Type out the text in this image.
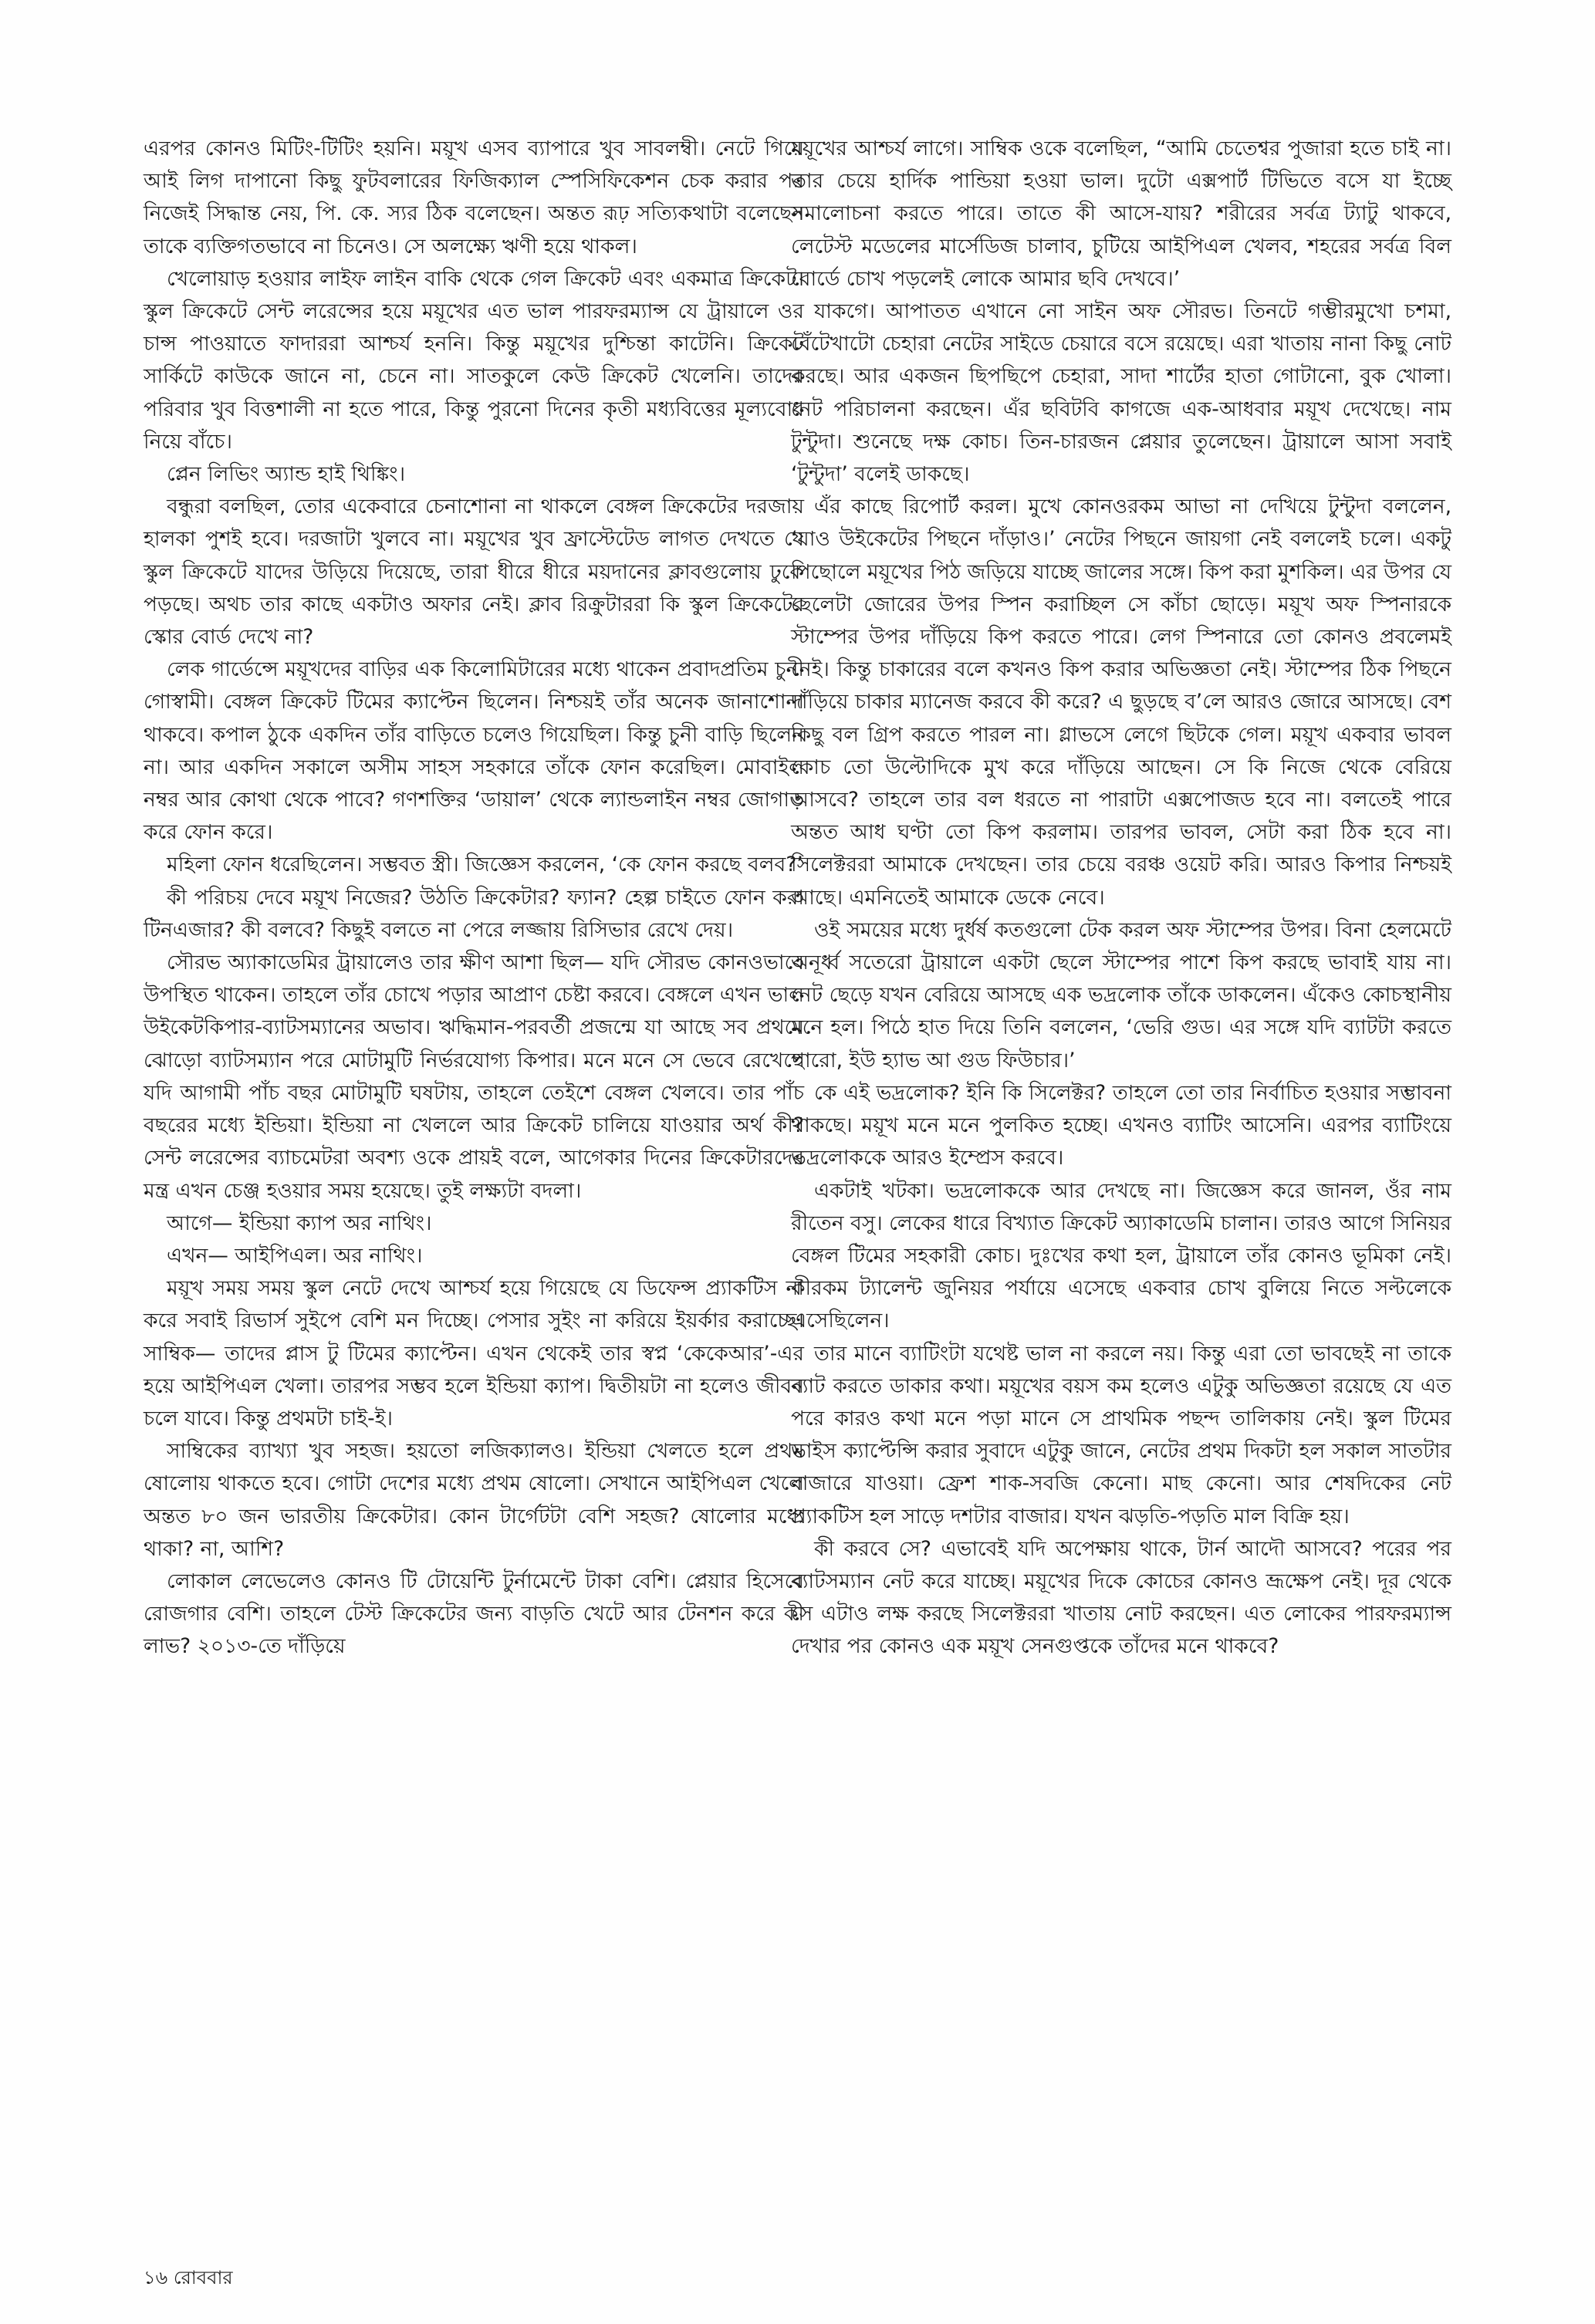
এরপর কোনও মিটিং-টিটিং হয়নি। ময়ূখ এসব ব্যাপারে খুব সাবলম্বী। নেটে গিয়ে আই লিগ দাপানো কিছু ফুটবলারের ফিজিক্যাল স্পেসিফিকেশন চেক করার পর নিজেই সিদ্ধান্ত নেয়, পি. কে. স্যর ঠিক বলেছেন। অন্তত রূঢ় সত্যিকথাটা বলেছেন তাকে ব্যক্তিগতভাবে না চিনেও। সে অলক্ষ্যে ঋণী হয়ে থাকল।

খেলোয়াড় হওয়ার লাইফ লাইন বাকি থেকে গেল ক্রিকেট এবং একমাত্র ক্রিকেট। স্কুল ক্রিকেটে সেন্ট লরেন্সের হয়ে ময়ূখের এত ভাল পারফরম্যান্স যে ট্রায়ালে ওর চান্স পাওয়াতে ফাদাররা আশ্চর্য হননি। কিন্তু ময়ূখের দুশ্চিন্তা কাটেনি। ক্রিকেট সার্কিটে কাউকে জানে না, চেনে না। সাতকুলে কেউ ক্রিকেট খেলেনি। তাদের পরিবার খুব বিত্তশালী না হতে পারে, কিন্তু পুরনো দিনের কৃতী মধ্যবিত্তের মূল্যবোধ নিয়ে বাঁচে।

প্লেন লিভিং অ্যান্ড হাই থিঙ্কিং।

বন্ধুরা বলছিল, তোর একেবারে চেনাশোনা না থাকলে বেঙ্গল ক্রিকেটের দরজায় হালকা পুশই হবে। দরজাটা খুলবে না। ময়ূখের খুব ফ্রাস্টেটেড লাগত দেখতে যে স্কুল ক্রিকেটে যাদের উড়িয়ে দিয়েছে, তারা ধীরে ধীরে ময়দানের ক্লাবগুলোয় ঢুকে পড়ছে। অথচ তার কাছে একটাও অফার নেই। ক্লাব রিক্রুটাররা কি স্কুল ক্রিকেটের স্কোর বোর্ড দেখে না?

লেক গার্ডেন্সে ময়ূখদের বাড়ির এক কিলোমিটারের মধ্যে থাকেন প্রবাদপ্রতিম চুনী গোস্বামী। বেঙ্গল ক্রিকেট টিমের ক্যাপ্টেন ছিলেন। নিশ্চয়ই তাঁর অনেক জানাশোনা থাকবে। কপাল ঠুকে একদিন তাঁর বাড়িতে চলেও গিয়েছিল। কিন্তু চুনী বাড়ি ছিলেন না। আর একদিন সকালে অসীম সাহস সহকারে তাঁকে ফোন করেছিল। মোবাইল নম্বর আর কোথা থেকে পাবে? গণশক্তির ‘ডায়াল’ থেকে ল্যান্ডলাইন নম্বর জোগাড় করে ফোন করে।

মহিলা ফোন ধরেছিলেন। সম্ভবত স্ত্রী। জিজ্ঞেস করলেন, ‘কে ফোন করছে বলব?’

কী পরিচয় দেবে ময়ূখ নিজের? উঠতি ক্রিকেটার? ফ্যান? হেল্প চাইতে ফোন করা টিনএজার? কী বলবে? কিছুই বলতে না পেরে লজ্জায় রিসিভার রেখে দেয়।

সৌরভ অ্যাকাডেমির ট্রায়ালেও তার ক্ষীণ আশা ছিল— যদি সৌরভ কোনওভাবে উপস্থিত থাকেন। তাহলে তাঁর চোখে পড়ার আপ্রাণ চেষ্টা করবে। বেঙ্গলে এখন ভাল উইকেটকিপার-ব্যাটসম্যানের অভাব। ঋদ্ধিমান-পরবর্তী প্রজন্মে যা আছে সব প্রথমে ঝোড়ো ব্যাটসম্যান পরে মোটামুটি নির্ভরযোগ্য কিপার। মনে মনে সে ভেবে রেখেছে যদি আগামী পাঁচ বছর মোটামুটি ঘষটায়, তাহলে তেইশে বেঙ্গল খেলবে। তার পাঁচ বছরের মধ্যে ইন্ডিয়া। ইন্ডিয়া না খেললে আর ক্রিকেট চালিয়ে যাওয়ার অর্থ কী? সেন্ট লরেন্সের ব্যাচমেটরা অবশ্য ওকে প্রায়ই বলে, আগেকার দিনের ক্রিকেটারদের মন্ত্র এখন চেঞ্জ হওয়ার সময় হয়েছে। তুই লক্ষ্যটা বদলা।

আগে— ইন্ডিয়া ক্যাপ অর নাথিং।

এখন— আইপিএল। অর নাথিং।

ময়ূখ সময় সময় স্কুল নেটে দেখে আশ্চর্য হয়ে গিয়েছে যে ডিফেন্স প্র্যাকটিস না করে সবাই রিভার্স সুইপে বেশি মন দিচ্ছে। পেসার সুইং না করিয়ে ইয়র্কার করাচ্ছে। সাম্বিক— তাদের প্লাস টু টিমের ক্যাপ্টেন। এখন থেকেই তার স্বপ্ন ‘কেকেআর’-এর হয়ে আইপিএল খেলা। তারপর সম্ভব হলে ইন্ডিয়া ক্যাপ। দ্বিতীয়টা না হলেও জীবন চলে যাবে। কিন্তু প্রথমটা চাই-ই।

সাম্বিকের ব্যাখ্যা খুব সহজ। হয়তো লজিক্যালও। ইন্ডিয়া খেলতে হলে প্রথম ষোলোয় থাকতে হবে। গোটা দেশের মধ্যে প্রথম ষোলো। সেখানে আইপিএল খেলে অন্তত ৮০ জন ভারতীয় ক্রিকেটার। কোন টার্গেটটা বেশি সহজ? ষোলোর মধ্যে থাকা? না, আশি?

লোকাল লেভেলেও কোনও টি টোয়েন্টি টুর্নামেন্টে টাকা বেশি। প্লেয়ার হিসেবে রোজগার বেশি। তাহলে টেস্ট ক্রিকেটের জন্য বাড়তি খেটে আর টেনশন করে কী লাভ? ২০১৩-তে দাঁড়িয়ে

ময়ূখের আশ্চর্য লাগে। সাম্বিক ওকে বলেছিল, “আমি চেতেশ্বর পুজারা হতে চাই না। তার চেয়ে হার্দিক পান্ডিয়া হওয়া ভাল। দুটো এক্সপার্ট টিভিতে বসে যা ইচ্ছে সমালোচনা করতে পারে। তাতে কী আসে-যায়? শরীরের সর্বত্র ট্যাটু থাকবে, লেটেস্ট মডেলের মার্সেডিজ চালাব, চুটিয়ে আইপিএল খেলব, শহরের সর্বত্র বিল বোর্ডে চোখ পড়লেই লোকে আমার ছবি দেখবে।’

যাকগে। আপাতত এখানে নো সাইন অফ সৌরভ। তিনটে গম্ভীরমুখো চশমা, বেঁটেখাটো চেহারা নেটের সাইডে চেয়ারে বসে রয়েছে। এরা খাতায় নানা কিছু নোট করছে। আর একজন ছিপছিপে চেহারা, সাদা শার্টের হাতা গোটানো, বুক খোলা। নেট পরিচালনা করছেন। এঁর ছবিটবি কাগজে এক-আধবার ময়ূখ দেখেছে। নাম টুন্টুদা। শুনেছে দক্ষ কোচ। তিন-চারজন প্লেয়ার তুলেছেন। ট্রায়ালে আসা সবাই ‘টুন্টুদা’ বলেই ডাকছে।

এঁর কাছে রিপোর্ট করল। মুখে কোনওরকম আভা না দেখিয়ে টুন্টুদা বললেন, ‘যাও উইকেটের পিছনে দাঁড়াও।’ নেটের পিছনে জায়গা নেই বললেই চলে। একটু পিছোলে ময়ূখের পিঠ জড়িয়ে যাচ্ছে জালের সঙ্গে। কিপ করা মুশকিল। এর উপর যে ছেলেটা জোরের উপর স্পিন করাচ্ছিল সে কাঁচা ছোড়ে। ময়ূখ অফ স্পিনারকে স্টাম্পের উপর দাঁড়িয়ে কিপ করতে পারে। লেগ স্পিনারে তো কোনও প্রবলেমই নেই। কিন্তু চাকারের বলে কখনও কিপ করার অভিজ্ঞতা নেই। স্টাম্পের ঠিক পিছনে দাঁড়িয়ে চাকার ম্যানেজ করবে কী করে? এ ছুড়ছে ব’লে আরও জোরে আসছে। বেশ কিছু বল গ্রিপ করতে পারল না। গ্লাভসে লেগে ছিটকে গেল। ময়ূখ একবার ভাবল কোচ তো উল্টোদিকে মুখ করে দাঁড়িয়ে আছেন। সে কি নিজে থেকে বেরিয়ে আসবে? তাহলে তার বল ধরতে না পারাটা এক্সপোজড হবে না। বলতেই পারে অন্তত আধ ঘণ্টা তো কিপ করলাম। তারপর ভাবল, সেটা করা ঠিক হবে না। সিলেক্টররা আমাকে দেখছেন। তার চেয়ে বরঞ্চ ওয়েট করি। আরও কিপার নিশ্চয়ই আছে। এমনিতেই আমাকে ডেকে নেবে।

ওই সময়ের মধ্যে দুর্ধর্ষ কতগুলো টেক করল অফ স্টাম্পের উপর। বিনা হেলমেটে অনূর্ধ্ব সতেরো ট্রায়ালে একটা ছেলে স্টাম্পের পাশে কিপ করছে ভাবাই যায় না। নেট ছেড়ে যখন বেরিয়ে আসছে এক ভদ্রলোক তাঁকে ডাকলেন। এঁকেও কোচস্থানীয় মনে হল। পিঠে হাত দিয়ে তিনি বললেন, ‘ভেরি গুড। এর সঙ্গে যদি ব্যাটটা করতে পারো, ইউ হ্যাভ আ গুড ফিউচার।’

কে এই ভদ্রলোক? ইনি কি সিলেক্টর? তাহলে তো তার নির্বাচিত হওয়ার সম্ভাবনা থাকছে। ময়ূখ মনে মনে পুলকিত হচ্ছে। এখনও ব্যাটিং আসেনি। এরপর ব্যাটিংয়ে ভদ্রলোককে আরও ইম্প্রেস করবে।

একটাই খটকা। ভদ্রলোককে আর দেখছে না। জিজ্ঞেস করে জানল, ওঁর নাম রীতেন বসু। লেকের ধারে বিখ্যাত ক্রিকেট অ্যাকাডেমি চালান। তারও আগে সিনিয়র বেঙ্গল টিমের সহকারী কোচ। দুঃখের কথা হল, ট্রায়ালে তাঁর কোনও ভূমিকা নেই। কীরকম ট্যালেন্ট জুনিয়র পর্যায়ে এসেছে একবার চোখ বুলিয়ে নিতে সল্টলেকে এসেছিলেন।

তার মানে ব্যাটিংটা যথেষ্ট ভাল না করলে নয়। কিন্তু এরা তো ভাবছেই না তাকে ব্যাট করতে ডাকার কথা। ময়ূখের বয়স কম হলেও এটুকু অভিজ্ঞতা রয়েছে যে এত পরে কারও কথা মনে পড়া মানে সে প্রাথমিক পছন্দ তালিকায় নেই। স্কুল টিমের ভাইস ক্যাপ্টেন্সি করার সুবাদে এটুকু জানে, নেটের প্রথম দিকটা হল সকাল সাতটার বাজারে যাওয়া। ফ্রেশ শাক-সবজি কেনো। মাছ কেনো। আর শেষদিকের নেট প্র্যাকটিস হল সাড়ে দশটার বাজার। যখন ঝড়তি-পড়তি মাল বিক্রি হয়।

কী করবে সে? এভাবেই যদি অপেক্ষায় থাকে, টার্ন আদৌ আসবে? পরের পর ব্যাটসম্যান নেট করে যাচ্ছে। ময়ূখের দিকে কোচের কোনও ভ্রূক্ষেপ নেই। দূর থেকে সে এটাও লক্ষ করছে সিলেক্টররা খাতায় নোট করছেন। এত লোকের পারফরম্যান্স দেখার পর কোনও এক ময়ূখ সেনগুপ্তকে তাঁদের মনে থাকবে?

১৬ রোববার
